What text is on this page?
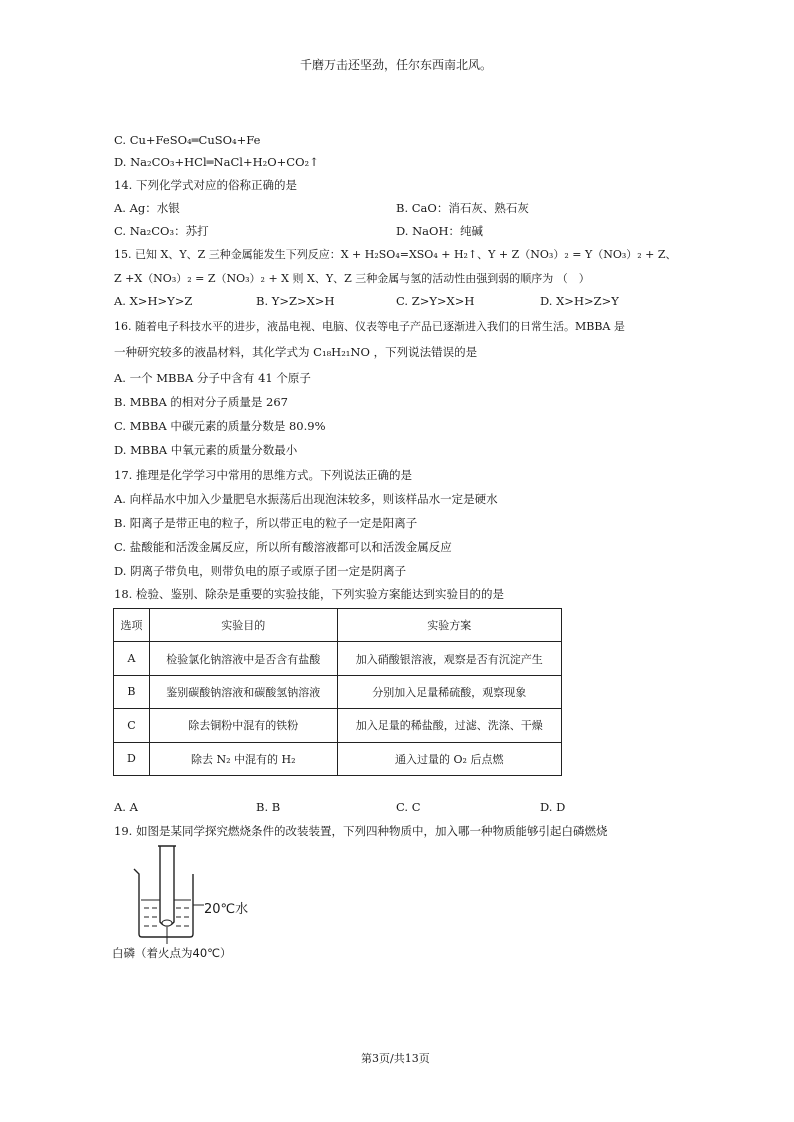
千磨万击还坚劲，任尔东西南北风。
C. Cu+FeSO₄═CuSO₄+Fe
D. Na₂CO₃+HCl═NaCl+H₂O+CO₂↑
14. 下列化学式对应的俗称正确的是
A. Ag：水银	B. CaO：消石灰、熟石灰
C. Na₂CO₃：苏打	D. NaOH：纯碱
15. 已知 X、Y、Z 三种金属能发生下列反应：X + H₂SO₄=XSO₄ + H₂↑、Y + Z（NO₃）₂ = Y（NO₃）₂ + Z、
Z +X（NO₃）₂ = Z（NO₃）₂ + X 则 X、Y、Z 三种金属与氢的活动性由强到弱的顺序为 （　）
A. X>H>Y>Z	B. Y>Z>X>H	C. Z>Y>X>H	D. X>H>Z>Y
16. 随着电子科技水平的进步，液晶电视、电脑、仪表等电子产品已逐渐进入我们的日常生活。MBBA 是
一种研究较多的液晶材料，其化学式为 C₁₈H₂₁NO ，下列说法错误的是
A. 一个 MBBA 分子中含有 41 个原子
B. MBBA 的相对分子质量是 267
C. MBBA 中碳元素的质量分数是 80.9%
D. MBBA 中氧元素的质量分数最小
17. 推理是化学学习中常用的思维方式。下列说法正确的是
A. 向样品水中加入少量肥皂水振荡后出现泡沫较多，则该样品水一定是硬水
B. 阳离子是带正电的粒子，所以带正电的粒子一定是阳离子
C. 盐酸能和活泼金属反应，所以所有酸溶液都可以和活泼金属反应
D. 阴离子带负电，则带负电的原子或原子团一定是阴离子
18. 检验、鉴别、除杂是重要的实验技能，下列实验方案能达到实验目的的是
选项	实验目的	实验方案
A	检验氯化钠溶液中是否含有盐酸	加入硝酸银溶液，观察是否有沉淀产生
B	鉴别碳酸钠溶液和碳酸氢钠溶液	分别加入足量稀硫酸，观察现象
C	除去铜粉中混有的铁粉	加入足量的稀盐酸，过滤、洗涤、干燥
D	除去 N₂ 中混有的 H₂	通入过量的 O₂ 后点燃
A. A	B. B	C. C	D. D
19. 如图是某同学探究燃烧条件的改装装置，下列四种物质中，加入哪一种物质能够引起白磷燃烧
20℃水
白磷（着火点为40℃）
第3页/共13页
